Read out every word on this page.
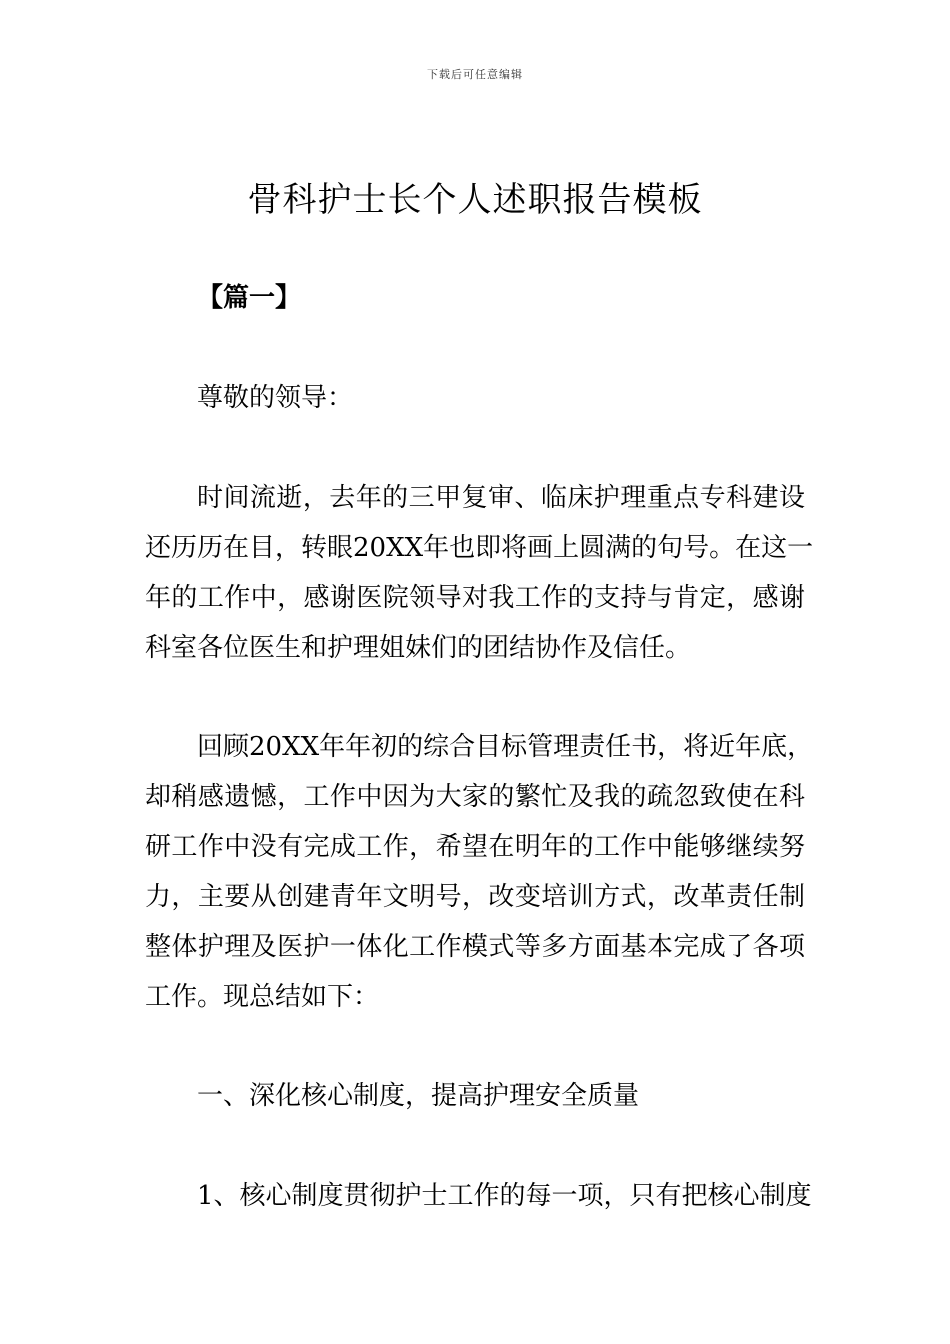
下载后可任意编辑
骨科护士长个人述职报告模板
【篇一】
尊敬的领导：
时间流逝，去年的三甲复审、临床护理重点专科建设
还历历在目，转眼20XX年也即将画上圆满的句号。在这一
年的工作中，感谢医院领导对我工作的支持与肯定，感谢
科室各位医生和护理姐妹们的团结协作及信任。
回顾20XX年年初的综合目标管理责任书，将近年底，
却稍感遗憾，工作中因为大家的繁忙及我的疏忽致使在科
研工作中没有完成工作，希望在明年的工作中能够继续努
力，主要从创建青年文明号，改变培训方式，改革责任制
整体护理及医护一体化工作模式等多方面基本完成了各项
工作。现总结如下：
一、深化核心制度，提高护理安全质量
1、核心制度贯彻护士工作的每一项，只有把核心制度
